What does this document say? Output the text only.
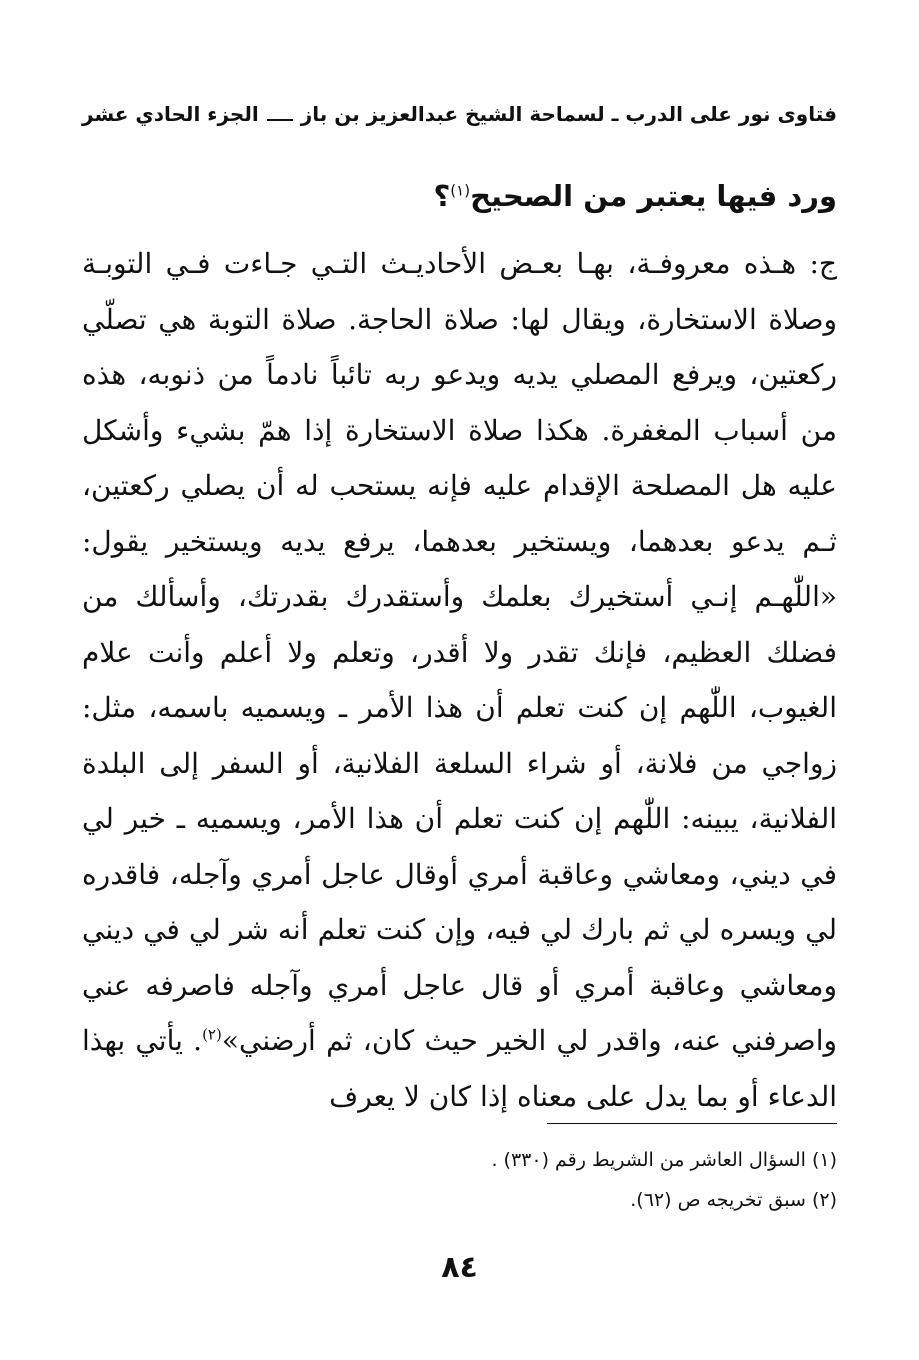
فتاوى نور على الدرب ـ لسماحة الشيخ عبدالعزيز بن باز
الجزء الحادي عشر
ورد فيها يعتبر من الصحيح$^{(١)}$؟
ج: هـذه معروفـة، بهـا بعـض الأحاديـث التـي جـاءت فـي التوبـة وصلاة الاستخارة، ويقال لها: صلاة الحاجة. صلاة التوبة هي تصلّي ركعتين، ويرفع المصلي يديه ويدعو ربه تائباً نادماً من ذنوبه، هذه من أسباب المغفرة. هكذا صلاة الاستخارة إذا همّ بشيء وأشكل عليه هل المصلحة الإقدام عليه فإنه يستحب له أن يصلي ركعتين، ثـم يدعو بعدهما، ويستخير بعدهما، يرفع يديه ويستخير يقول: «اللّٰهـم إنـي أستخيرك بعلمك وأستقدرك بقدرتك، وأسألك من فضلك العظيم، فإنك تقدر ولا أقدر، وتعلم ولا أعلم وأنت علام الغيوب، اللّٰهم إن كنت تعلم أن هذا الأمر ـ ويسميه باسمه، مثل: زواجي من فلانة، أو شراء السلعة الفلانية، أو السفر إلى البلدة الفلانية، يبينه: اللّٰهم إن كنت تعلم أن هذا الأمر، ويسميه ـ خير لي في ديني، ومعاشي وعاقبة أمري أوقال عاجل أمري وآجله، فاقدره لي ويسره لي ثم بارك لي فيه، وإن كنت تعلم أنه شر لي في ديني ومعاشي وعاقبة أمري أو قال عاجل أمري وآجله فاصرفه عني واصرفني عنه، واقدر لي الخير حيث كان، ثم أرضني»$^{(٢)}$. يأتي بهذا الدعاء أو بما يدل على معناه إذا كان لا يعرف

(١) السؤال العاشر من الشريط رقم (٣٣٠) .

(٢) سبق تخريجه ص (٦٢).

٨٤
